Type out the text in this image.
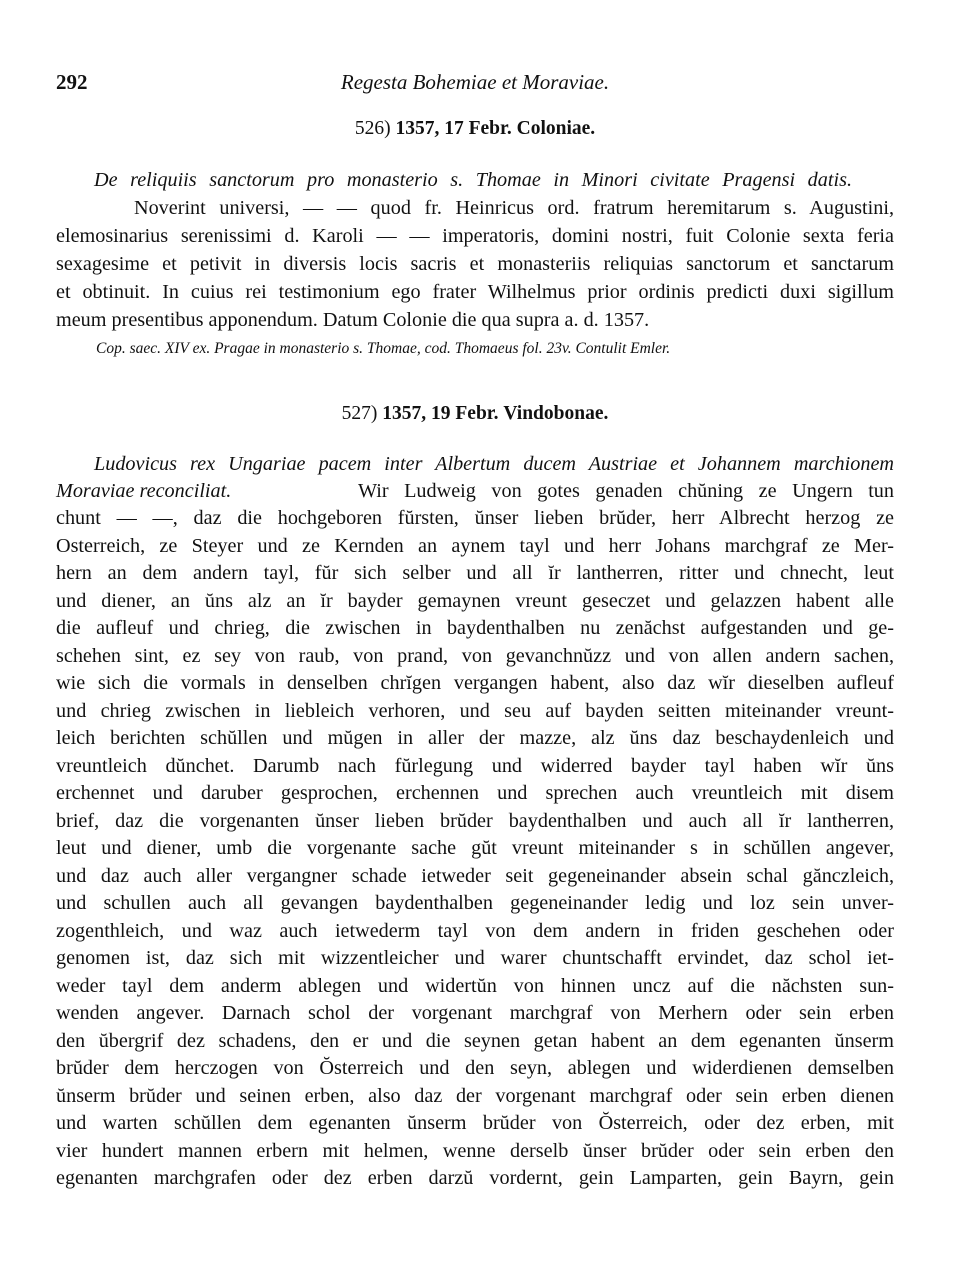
292	Regesta Bohemiae et Moraviae.
526) 1357, 17 Febr. Coloniae.
De reliquiis sanctorum pro monasterio s. Thomae in Minori civitate Pragensi datis.
Noverint universi, — — quod fr. Heinricus ord. fratrum heremitarum s. Augustini,
elemosinarius serenissimi d. Karoli — — imperatoris, domini nostri, fuit Colonie sexta feria
sexagesime et petivit in diversis locis sacris et monasteriis reliquias sanctorum et sanctarum
et obtinuit. In cuius rei testimonium ego frater Wilhelmus prior ordinis predicti duxi sigillum
meum presentibus apponendum. Datum Colonie die qua supra a. d. 1357.
Cop. saec. XIV ex. Pragae in monasterio s. Thomae, cod. Thomaeus fol. 23v. Contulit Emler.
527) 1357, 19 Febr. Vindobonae.
Ludovicus rex Ungariae pacem inter Albertum ducem Austriae et Johannem marchionem
Moraviae reconciliat.	Wir Ludweig von gotes genaden chŭning ze Ungern tun
chunt — —, daz die hochgeboren fŭrsten, ŭnser lieben brŭder, herr Albrecht herzog ze
Osterreich, ze Steyer und ze Kernden an aynem tayl und herr Johans marchgraf ze Mer-
hern an dem andern tayl, fŭr sich selber und all ĭr lantherren, ritter und chnecht, leut
und diener, an ŭns alz an ĭr bayder gemaynen vreunt geseczet und gelazzen habent alle
die aufleuf und chrieg, die zwischen in baydenthalben nu zenăchst aufgestanden und ge-
schehen sint, ez sey von raub, von prand, von gevanchnŭzz und von allen andern sachen,
wie sich die vormals in denselben chrĭgen vergangen habent, also daz wĭr dieselben aufleuf
und chrieg zwischen in liebleich verhoren, und seu auf bayden seitten miteinander vreunt-
leich berichten schŭllen und mŭgen in aller der mazze, alz ŭns daz beschaydenleich und
vreuntleich dŭnchet. Darumb nach fŭrlegung und widerred bayder tayl haben wĭr ŭns
erchennet und daruber gesprochen, erchennen und sprechen auch vreuntleich mit disem
brief, daz die vorgenanten ŭnser lieben brŭder baydenthalben und auch all ĭr lantherren,
leut und diener, umb die vorgenante sache gŭt vreunt miteinander s in schŭllen angever,
und daz auch aller vergangner schade ietweder seit gegeneinander absein schal gănczleich,
und schullen auch all gevangen baydenthalben gegeneinander ledig und loz sein unver-
zogenthleich, und waz auch ietwederm tayl von dem andern in friden geschehen oder
genomen ist, daz sich mit wizzentleicher und warer chuntschafft ervindet, daz schol iet-
weder tayl dem anderm ablegen und widertŭn von hinnen uncz auf die năchsten sun-
wenden angever. Darnach schol der vorgenant marchgraf von Merhern oder sein erben
den ŭbergrif dez schadens, den er und die seynen getan habent an dem egenanten ŭnserm
brŭder dem herczogen von Ŏsterreich und den seyn, ablegen und widerdienen demselben
ŭnserm brŭder und seinen erben, also daz der vorgenant marchgraf oder sein erben dienen
und warten schŭllen dem egenanten ŭnserm brŭder von Ŏsterreich, oder dez erben, mit
vier hundert mannen erbern mit helmen, wenne derselb ŭnser brŭder oder sein erben den
egenanten marchgrafen oder dez erben darzŭ vordernt, gein Lamparten, gein Bayrn, gein
